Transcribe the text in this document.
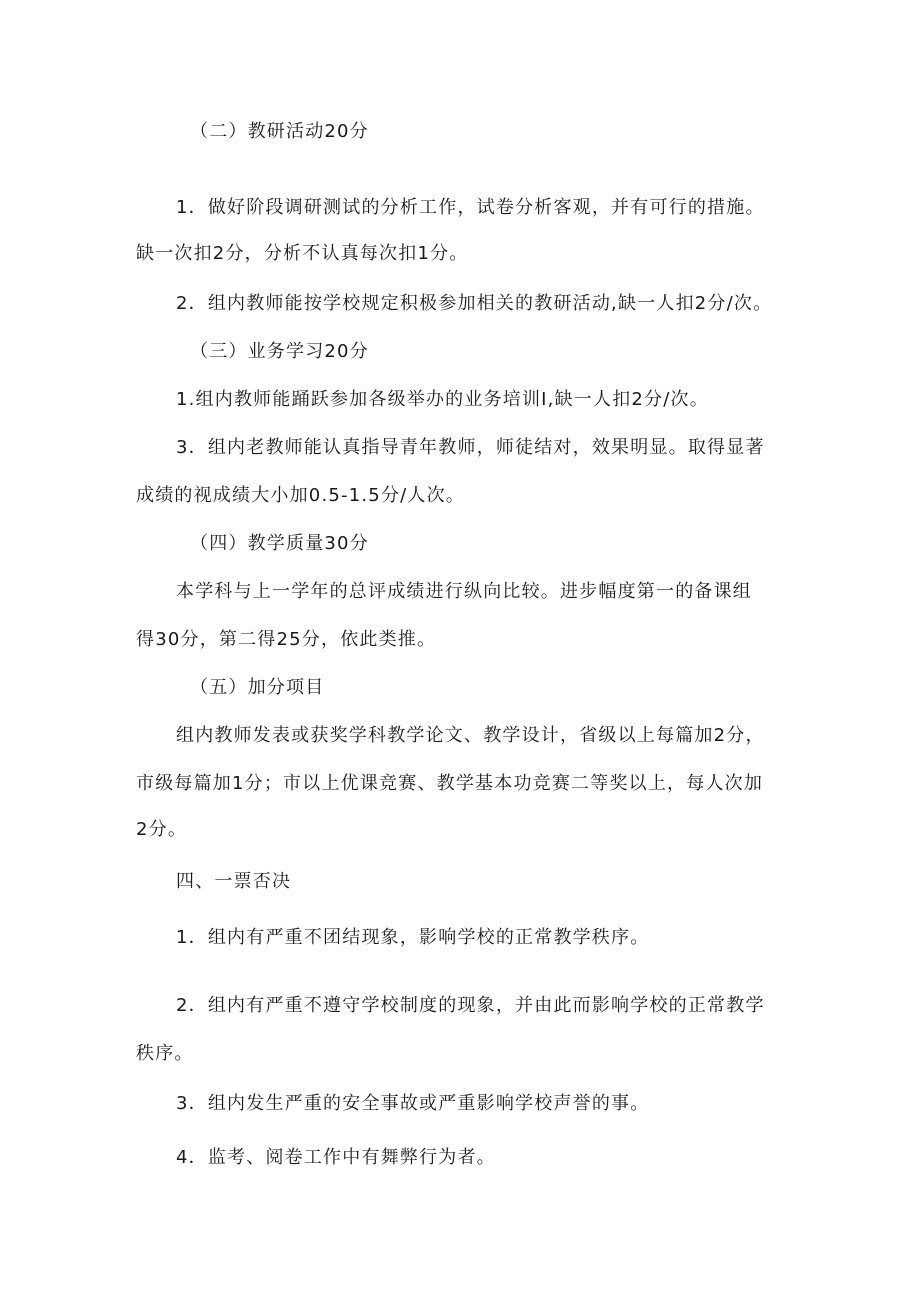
（二）教研活动20分
1．做好阶段调研测试的分析工作，试卷分析客观，并有可行的措施。
缺一次扣2分，分析不认真每次扣1分。
2．组内教师能按学校规定积极参加相关的教研活动,缺一人扣2分/次。
（三）业务学习20分
1.组内教师能踊跃参加各级举办的业务培训I,缺一人扣2分/次。
3．组内老教师能认真指导青年教师，师徒结对，效果明显。取得显著
成绩的视成绩大小加0.5-1.5分/人次。
（四）教学质量30分
本学科与上一学年的总评成绩进行纵向比较。进步幅度第一的备课组
得30分，第二得25分，依此类推。
（五）加分项目
组内教师发表或获奖学科教学论文、教学设计，省级以上每篇加2分，
市级每篇加1分；市以上优课竞赛、教学基本功竞赛二等奖以上，每人次加
2分。
四、一票否决
1．组内有严重不团结现象，影响学校的正常教学秩序。
2．组内有严重不遵守学校制度的现象，并由此而影响学校的正常教学
秩序。
3．组内发生严重的安全事故或严重影响学校声誉的事。
4．监考、阅卷工作中有舞弊行为者。
